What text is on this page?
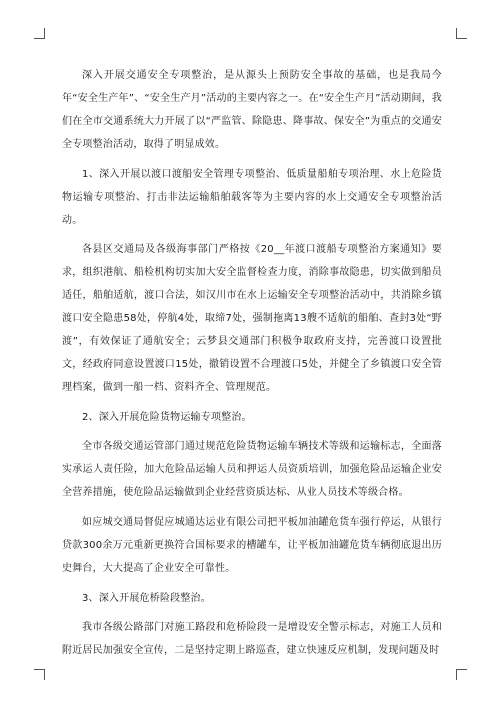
深入开展交通安全专项整治，是从源头上预防安全事故的基础，也是我局今年“安全生产年”、“安全生产月”活动的主要内容之一。在“安全生产月”活动期间，我们在全市交通系统大力开展了以“严监管、除隐患、降事故、保安全”为重点的交通安全专项整治活动，取得了明显成效。

1、深入开展以渡口渡船安全管理专项整治、低质量船舶专项治理、水上危险货物运输专项整治、打击非法运输船舶载客等为主要内容的水上交通安全专项整治活动。

各县区交通局及各级海事部门严格按《20__年渡口渡船专项整治方案通知》要求，组织港航、船检机构切实加大安全监督检查力度，消除事故隐患，切实做到船员适任，船舶适航，渡口合法，如汉川市在水上运输安全专项整治活动中，共消除乡镇渡口安全隐患58处，停航4处，取缔7处，强制拖离13艘不适航的船舶、查封3处“野渡”，有效保证了通航安全；云梦县交通部门积极争取政府支持，完善渡口设置批文，经政府同意设置渡口15处，撤销设置不合理渡口5处，并健全了乡镇渡口安全管理档案，做到一船一档、资料齐全、管理规范。

2、深入开展危险货物运输专项整治。

全市各级交通运管部门通过规范危险货物运输车辆技术等级和运输标志，全面落实承运人责任险，加大危险品运输人员和押运人员资质培训，加强危险品运输企业安全营养措施，使危险品运输做到企业经营资质达标、从业人员技术等级合格。

如应城交通局督促应城通达运业有限公司把平板加油罐危货车强行停运，从银行贷款300余万元重新更换符合国标要求的槽罐车，让平板加油罐危货车辆彻底退出历史舞台，大大提高了企业安全可靠性。

3、深入开展危桥险段整治。

我市各级公路部门对施工路段和危桥险段一是增设安全警示标志，对施工人员和附近居民加强安全宣传，二是坚持定期上路巡查，建立快速反应机制，发现问题及时
